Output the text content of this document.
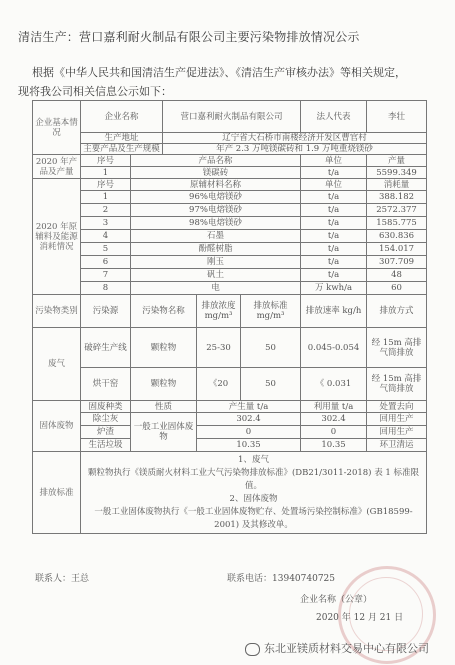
清洁生产：营口嘉利耐火制品有限公司主要污染物排放情况公示
根据《中华人民共和国清洁生产促进法》、《清洁生产审核办法》等相关规定，
现将我公司相关信息公示如下：
企业基本情况	企业名称		营口嘉利耐火制品有限公司			法人代表	李壮
	生产地址		辽宁省大石桥市南楼经济开发区曹官村				
	主要产品及生产规模		年产 2.3 万吨镁碳砖和 1.9 万吨重烧镁砂				
2020 年产品及产量	序号	产品名称				单位	产量
	1	镁碳砖				t/a	5599.349
2020 年原辅料及能源消耗情况	序号	原辅材料名称				单位	消耗量
	1	96%电熔镁砂				t/a	388.182
	2	97%电熔镁砂				t/a	2572.377
	3	98%电熔镁砂				t/a	1585.775
	4	石墨				t/a	630.836
	5	酚醛树脂				t/a	154.017
	6	刚玉				t/a	307.709
	7	矾土				t/a	48
	8	电				万 kwh/a	60
污染物类别	污染源	污染物名称		排放浓度 mg/m³	排放标准 mg/m³	排放速率 kg/h	排放方式
废气	破碎生产线	颗粒物		25-30	50	0.045-0.054	经 15m 高排气筒排放
	烘干窑	颗粒物		《20	50	《 0.031	经 15m 高排气筒排放
固体废物	固废种类	性质		产生量 t/a		利用量 t/a	处置去向
	除尘灰	一般工业固体废物		302.4		302.4	回用生产
	炉渣			0		0	回用生产
	生活垃圾			10.35		10.35	环卫清运
排放标准	1、废气
颗粒物执行《镁质耐火材料工业大气污染物排放标准》(DB21/3011-2018) 表 1 标准限值。
2、固体废物
一般工业固体废物执行《一般工业固体废物贮存、处置场污染控制标准》(GB18599-2001) 及其修改单。						
联系人：王总	联系电话：13940740725
企业名称（公章）
2020 年 12 月 21 日
东北亚镁质材料交易中心有限公司
